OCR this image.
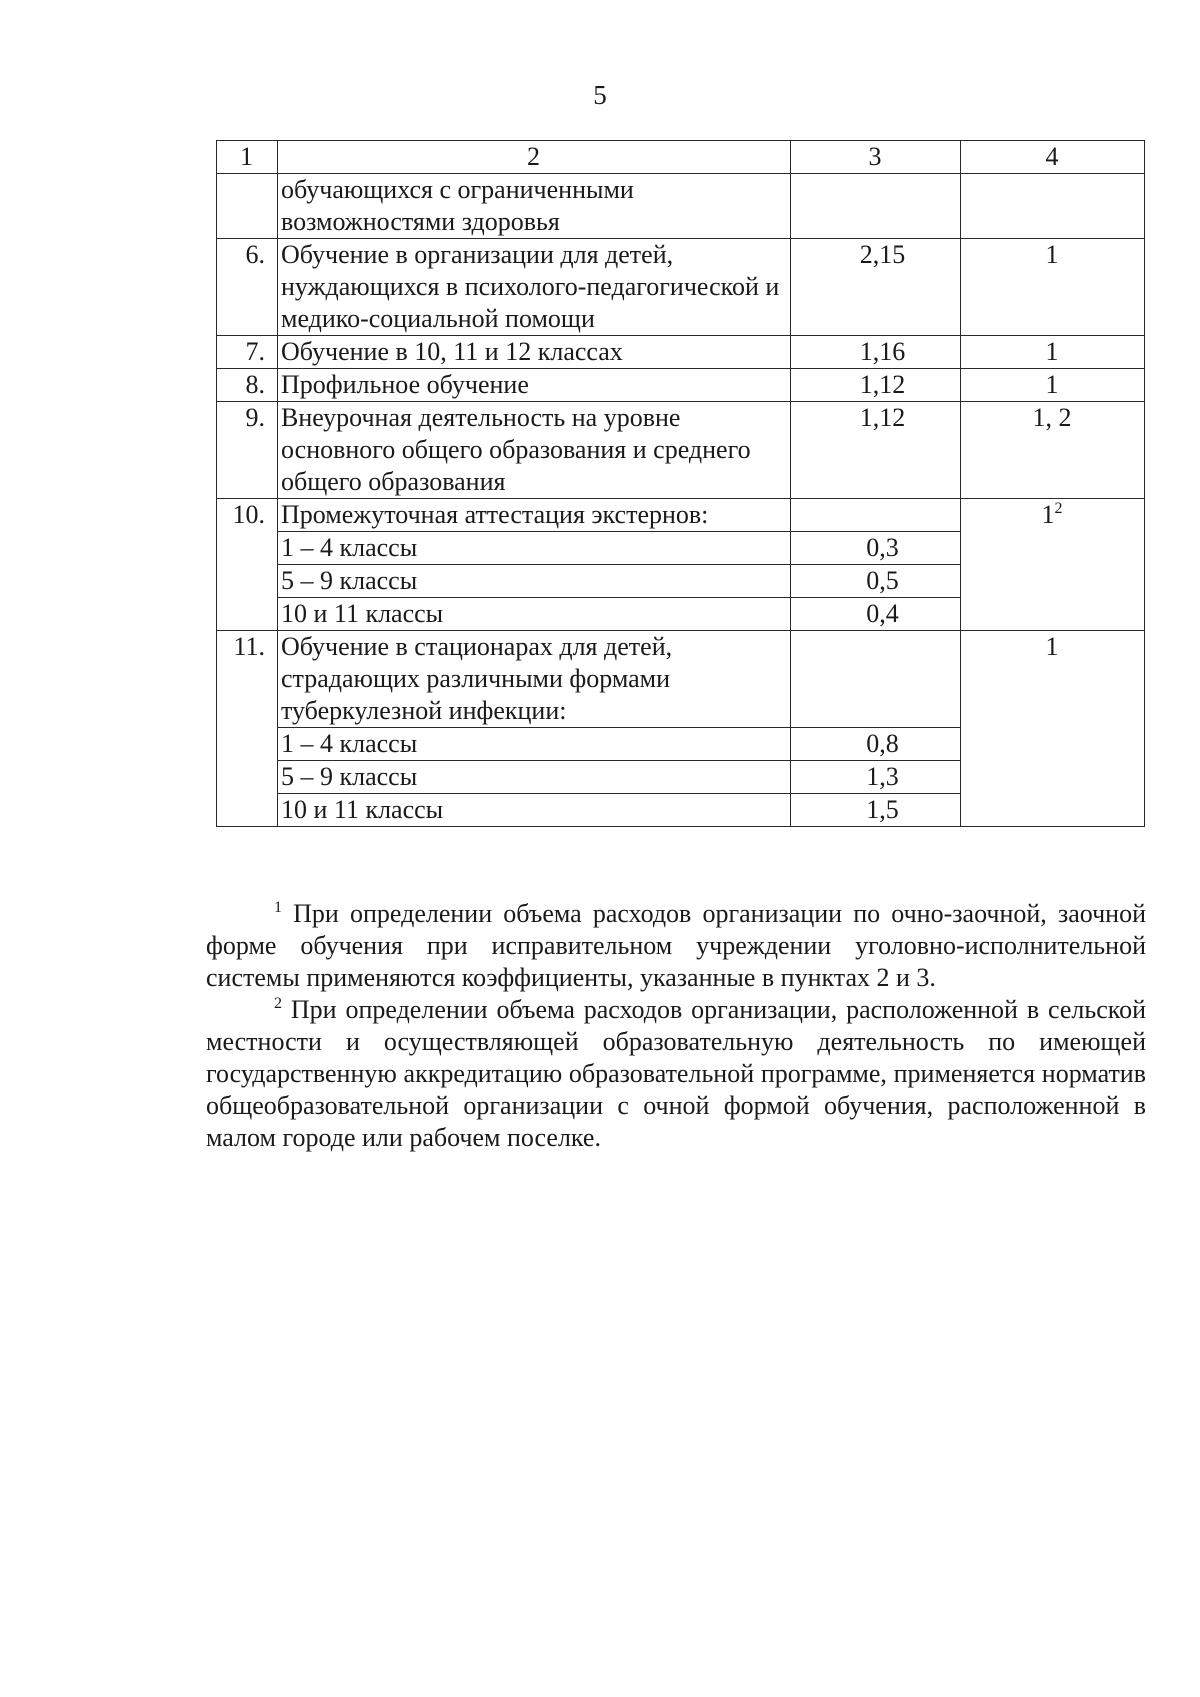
5
1	2	3	4
	обучающихся с ограниченными возможностями здоровья		
6.	Обучение в организации для детей, нуждающихся в психолого-педагогической и медико-социальной помощи	2,15	1
7.	Обучение в 10, 11 и 12 классах	1,16	1
8.	Профильное обучение	1,12	1
9.	Внеурочная деятельность на уровне основного общего образования и среднего общего образования	1,12	1, 2
10.	Промежуточная аттестация экстернов:		$1^2$
	1 – 4 классы	0,3	
	5 – 9 классы	0,5	
	10 и 11 классы	0,4	
11.	Обучение в стационарах для детей, страдающих различными формами туберкулезной инфекции:		1
	1 – 4 классы	0,8	
	5 – 9 классы	1,3	
	10 и 11 классы	1,5	

$^1$ При определении объема расходов организации по очно-заочной, заочной форме обучения при исправительном учреждении уголовно-исполнительной системы применяются коэффициенты, указанные в пунктах 2 и 3.

$^2$ При определении объема расходов организации, расположенной в сельской местности и осуществляющей образовательную деятельность по имеющей государственную аккредитацию образовательной программе, применяется норматив общеобразовательной организации с очной формой обучения, расположенной в малом городе или рабочем поселке.
